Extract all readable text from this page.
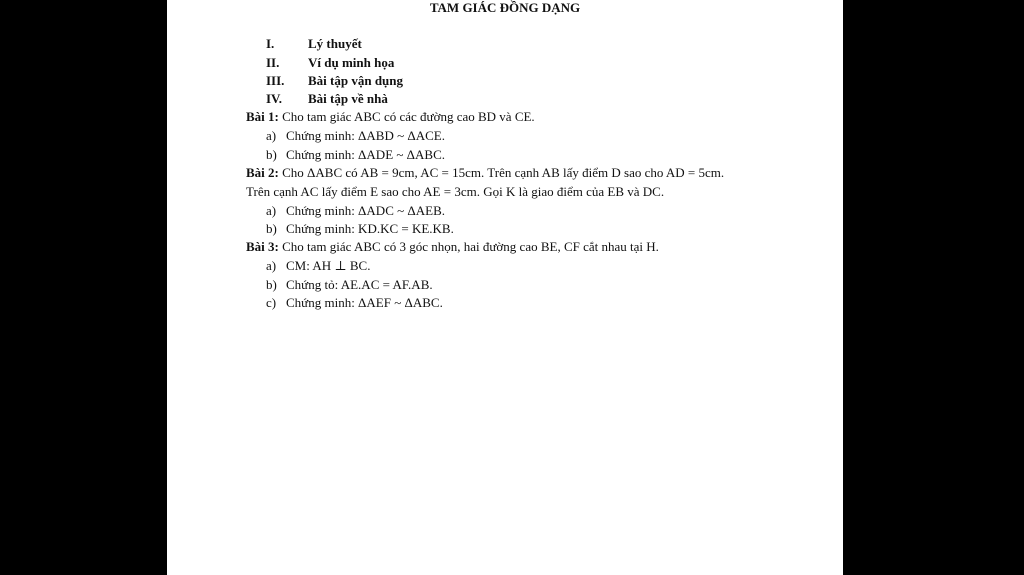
TAM GIÁC ĐỒNG DẠNG
I.	Lý thuyết
II.	Ví dụ minh họa
III.	Bài tập vận dụng
IV.	Bài tập về nhà
Bài 1: Cho tam giác ABC có các đường cao BD và CE.
a) Chứng minh: ΔABD ~ ΔACE.
b) Chứng minh: ΔADE ~ ΔABC.
Bài 2: Cho ΔABC có AB = 9cm, AC = 15cm. Trên cạnh AB lấy điểm D sao cho AD = 5cm.
Trên cạnh AC lấy điểm E sao cho AE = 3cm. Gọi K là giao điểm của EB và DC.
a) Chứng minh: ΔADC ~ ΔAEB.
b) Chứng minh: KD.KC = KE.KB.
Bài 3: Cho tam giác ABC có 3 góc nhọn, hai đường cao BE, CF cắt nhau tại H.
a) CM: AH ⊥ BC.
b) Chứng tỏ: AE.AC = AF.AB.
c) Chứng minh: ΔAEF ~ ΔABC.
